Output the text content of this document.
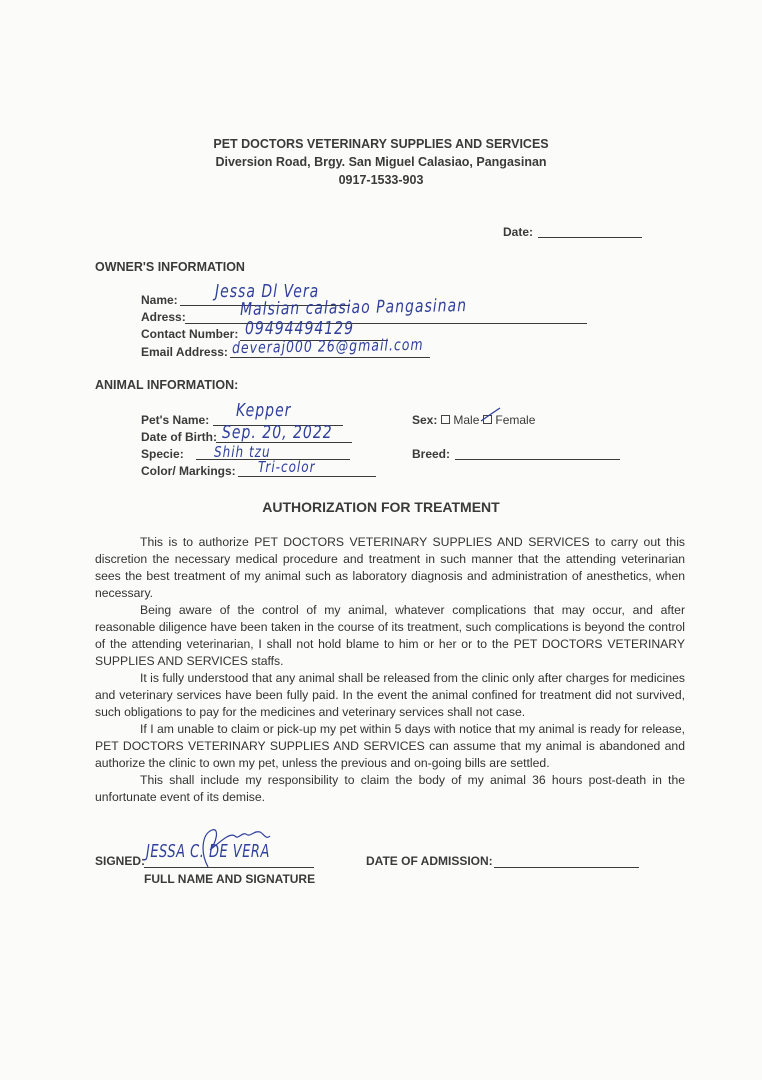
PET DOCTORS VETERINARY SUPPLIES AND SERVICES
Diversion Road, Brgy. San Miguel Calasiao, Pangasinan
0917-1533-903
Date:
OWNER'S INFORMATION
Name:	Jessa Dl Vera
Adress:	Malsian calasiao Pangasinan
Contact Number: 09494494129
Email Address: deveraj000 26@gmail.com
ANIMAL INFORMATION:
Pet's Name: Kepper
Date of Birth: Sep. 20, 2022
Specie:	Shih tzu
Color/ Markings: Tri-color
Sex: Male Female
Breed:
AUTHORIZATION FOR TREATMENT

This is to authorize PET DOCTORS VETERINARY SUPPLIES AND SERVICES to carry out this discretion the necessary medical procedure and treatment in such manner that the attending veterinarian sees the best treatment of my animal such as laboratory diagnosis and administration of anesthetics, when necessary.

Being aware of the control of my animal, whatever complications that may occur, and after reasonable diligence have been taken in the course of its treatment, such complications is beyond the control of the attending veterinarian, I shall not hold blame to him or her or to the PET DOCTORS VETERINARY SUPPLIES AND SERVICES staffs.

It is fully understood that any animal shall be released from the clinic only after charges for medicines and veterinary services have been fully paid. In the event the animal confined for treatment did not survived, such obligations to pay for the medicines and veterinary services shall not case.

If I am unable to claim or pick-up my pet within 5 days with notice that my animal is ready for release, PET DOCTORS VETERINARY SUPPLIES AND SERVICES can assume that my animal is abandoned and authorize the clinic to own my pet, unless the previous and on-going bills are settled.

This shall include my responsibility to claim the body of my animal 36 hours post-death in the unfortunate event of its demise.

SIGNED: JESSA C. DE VERA
FULL NAME AND SIGNATURE
DATE OF ADMISSION:
